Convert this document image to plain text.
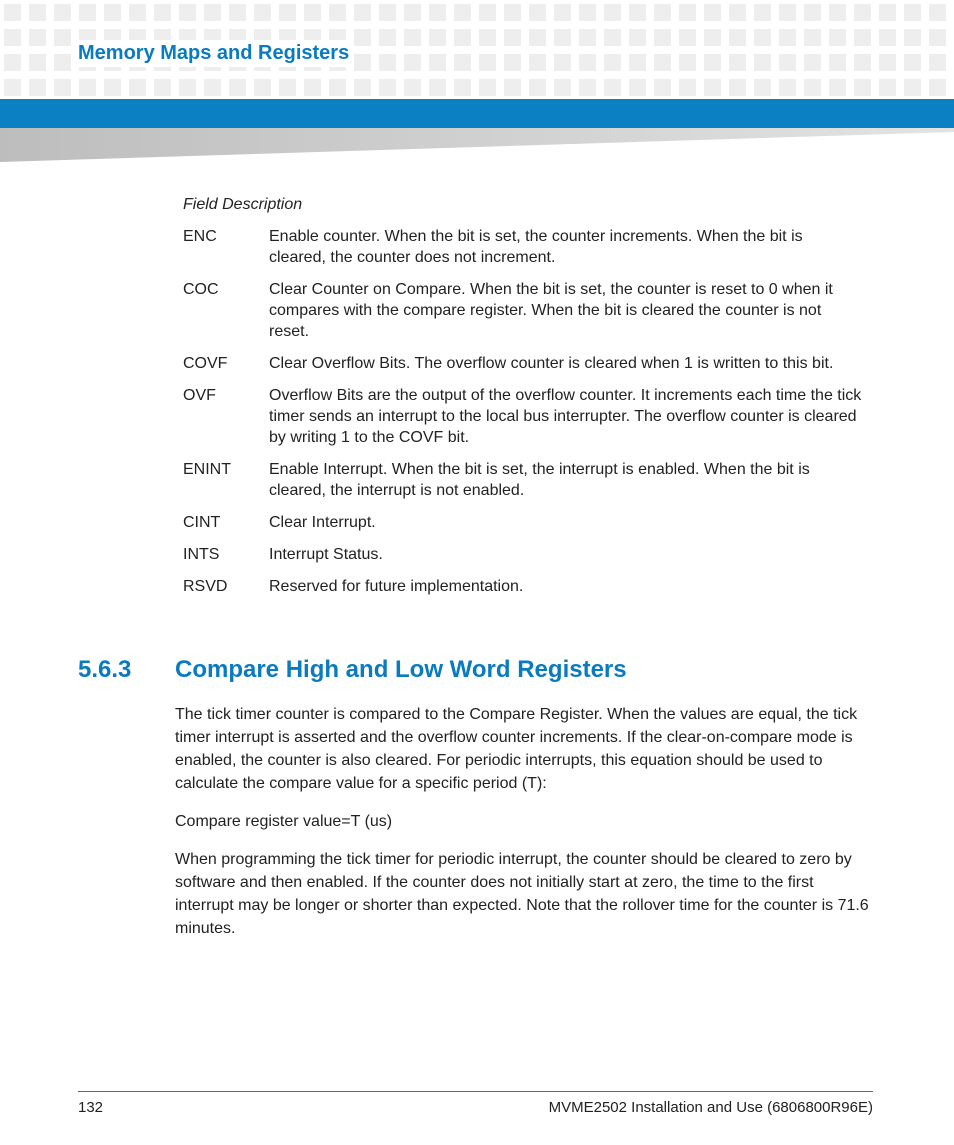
Memory Maps and Registers
Field Description
ENC	Enable counter. When the bit is set, the counter increments. When the bit is cleared, the counter does not increment.
COC	Clear Counter on Compare. When the bit is set, the counter is reset to 0 when it compares with the compare register. When the bit is cleared the counter is not reset.
COVF	Clear Overflow Bits. The overflow counter is cleared when 1 is written to this bit.
OVF	Overflow Bits are the output of the overflow counter. It increments each time the tick timer sends an interrupt to the local bus interrupter. The overflow counter is cleared by writing 1 to the COVF bit.
ENINT	Enable Interrupt. When the bit is set, the interrupt is enabled. When the bit is cleared, the interrupt is not enabled.
CINT	Clear Interrupt.
INTS	Interrupt Status.
RSVD	Reserved for future implementation.
5.6.3	Compare High and Low Word Registers

The tick timer counter is compared to the Compare Register. When the values are equal, the tick timer interrupt is asserted and the overflow counter increments. If the clear-on-compare mode is enabled, the counter is also cleared. For periodic interrupts, this equation should be used to calculate the compare value for a specific period (T):

Compare register value=T (us)

When programming the tick timer for periodic interrupt, the counter should be cleared to zero by software and then enabled. If the counter does not initially start at zero, the time to the first interrupt may be longer or shorter than expected. Note that the rollover time for the counter is 71.6 minutes.

132	MVME2502 Installation and Use (6806800R96E)
